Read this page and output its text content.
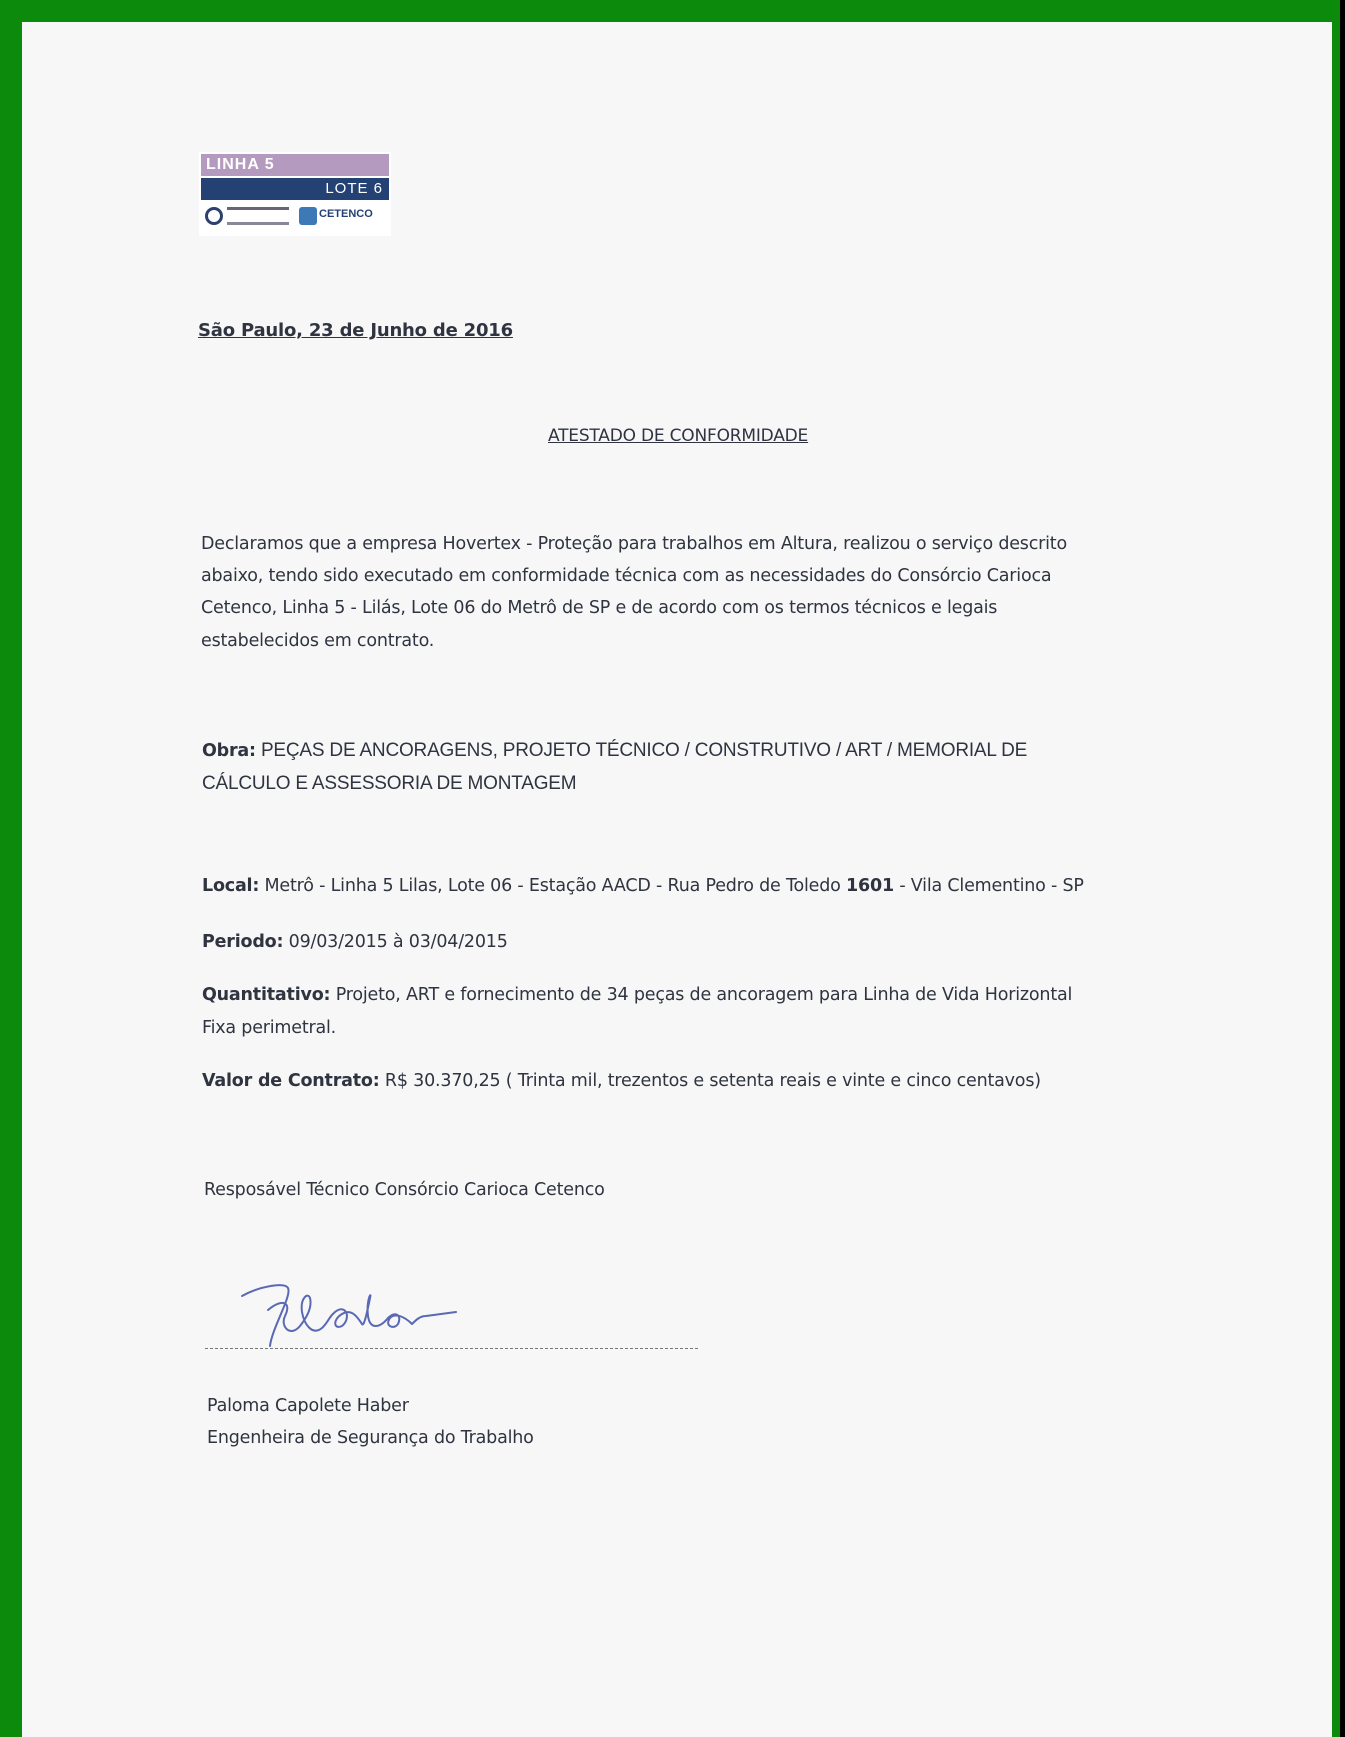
LINHA 5
LOTE 6
CETENCO
São Paulo, 23 de Junho de 2016
ATESTADO DE CONFORMIDADE
Declaramos que a empresa Hovertex - Proteção para trabalhos em Altura, realizou o serviço descrito
abaixo, tendo sido executado em conformidade técnica com as necessidades do Consórcio Carioca
Cetenco, Linha 5 - Lilás, Lote 06 do Metrô de SP e de acordo com os termos técnicos e legais
estabelecidos em contrato.
Obra: PEÇAS DE ANCORAGENS, PROJETO TÉCNICO / CONSTRUTIVO / ART / MEMORIAL DE
CÁLCULO E ASSESSORIA DE MONTAGEM
Local: Metrô - Linha 5 Lilas, Lote 06 - Estação AACD - Rua Pedro de Toledo 1601 - Vila Clementino - SP
Periodo: 09/03/2015 à 03/04/2015
Quantitativo: Projeto, ART e fornecimento de 34 peças de ancoragem para Linha de Vida Horizontal
Fixa perimetral.
Valor de Contrato: R$ 30.370,25 ( Trinta mil, trezentos e setenta reais e vinte e cinco centavos)
Resposável Técnico Consórcio Carioca Cetenco
Phaber
Paloma Capolete Haber
Engenheira de Segurança do Trabalho
